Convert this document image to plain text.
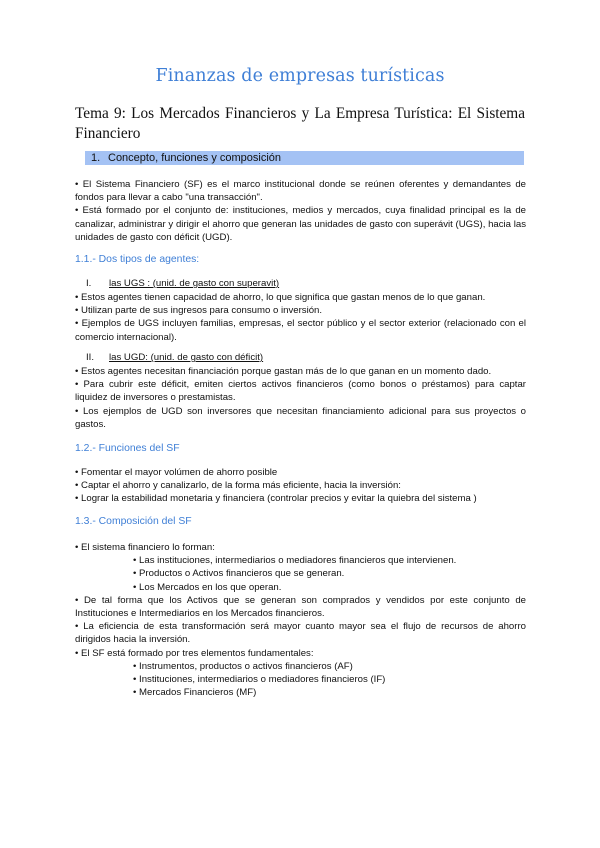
Finanzas de empresas turísticas
Tema 9: Los Mercados Financieros y La Empresa Turística: El Sistema
Financiero
1. Concepto, funciones y composición

• El Sistema Financiero (SF) es el marco institucional donde se reúnen oferentes y demandantes de fondos para llevar a cabo "una transacción".

• Está formado por el conjunto de: instituciones, medios y mercados, cuya finalidad principal es la de canalizar, administrar y dirigir el ahorro que generan las unidades de gasto con superávit (UGS), hacia las unidades de gasto con déficit (UGD).

1.1.- Dos tipos de agentes:
I. las UGS : (unid. de gasto con superavit)

• Estos agentes tienen capacidad de ahorro, lo que significa que gastan menos de lo que ganan.

• Utilizan parte de sus ingresos para consumo o inversión.

• Ejemplos de UGS incluyen familias, empresas, el sector público y el sector exterior (relacionado con el comercio internacional).

II. las UGD: (unid. de gasto con déficit)

• Estos agentes necesitan financiación porque gastan más de lo que ganan en un momento dado.

• Para cubrir este déficit, emiten ciertos activos financieros (como bonos o préstamos) para captar liquidez de inversores o prestamistas.

• Los ejemplos de UGD son inversores que necesitan financiamiento adicional para sus proyectos o gastos.

1.2.- Funciones del SF

• Fomentar el mayor volúmen de ahorro posible

• Captar el ahorro y canalizarlo, de la forma más eficiente, hacia la inversión:

• Lograr la estabilidad monetaria y financiera (controlar precios y evitar la quiebra del sistema )

1.3.- Composición del SF

• El sistema financiero lo forman:

• Las instituciones, intermediarios o mediadores financieros que intervienen.

• Productos o Activos financieros que se generan.

• Los Mercados en los que operan.

• De tal forma que los Activos que se generan son comprados y vendidos por este conjunto de Instituciones e Intermediarios en los Mercados financieros.

• La eficiencia de esta transformación será mayor cuanto mayor sea el flujo de recursos de ahorro dirigidos hacia la inversión.

• El SF está formado por tres elementos fundamentales:

• Instrumentos, productos o activos financieros (AF)

• Instituciones, intermediarios o mediadores financieros (IF)

• Mercados Financieros (MF)
